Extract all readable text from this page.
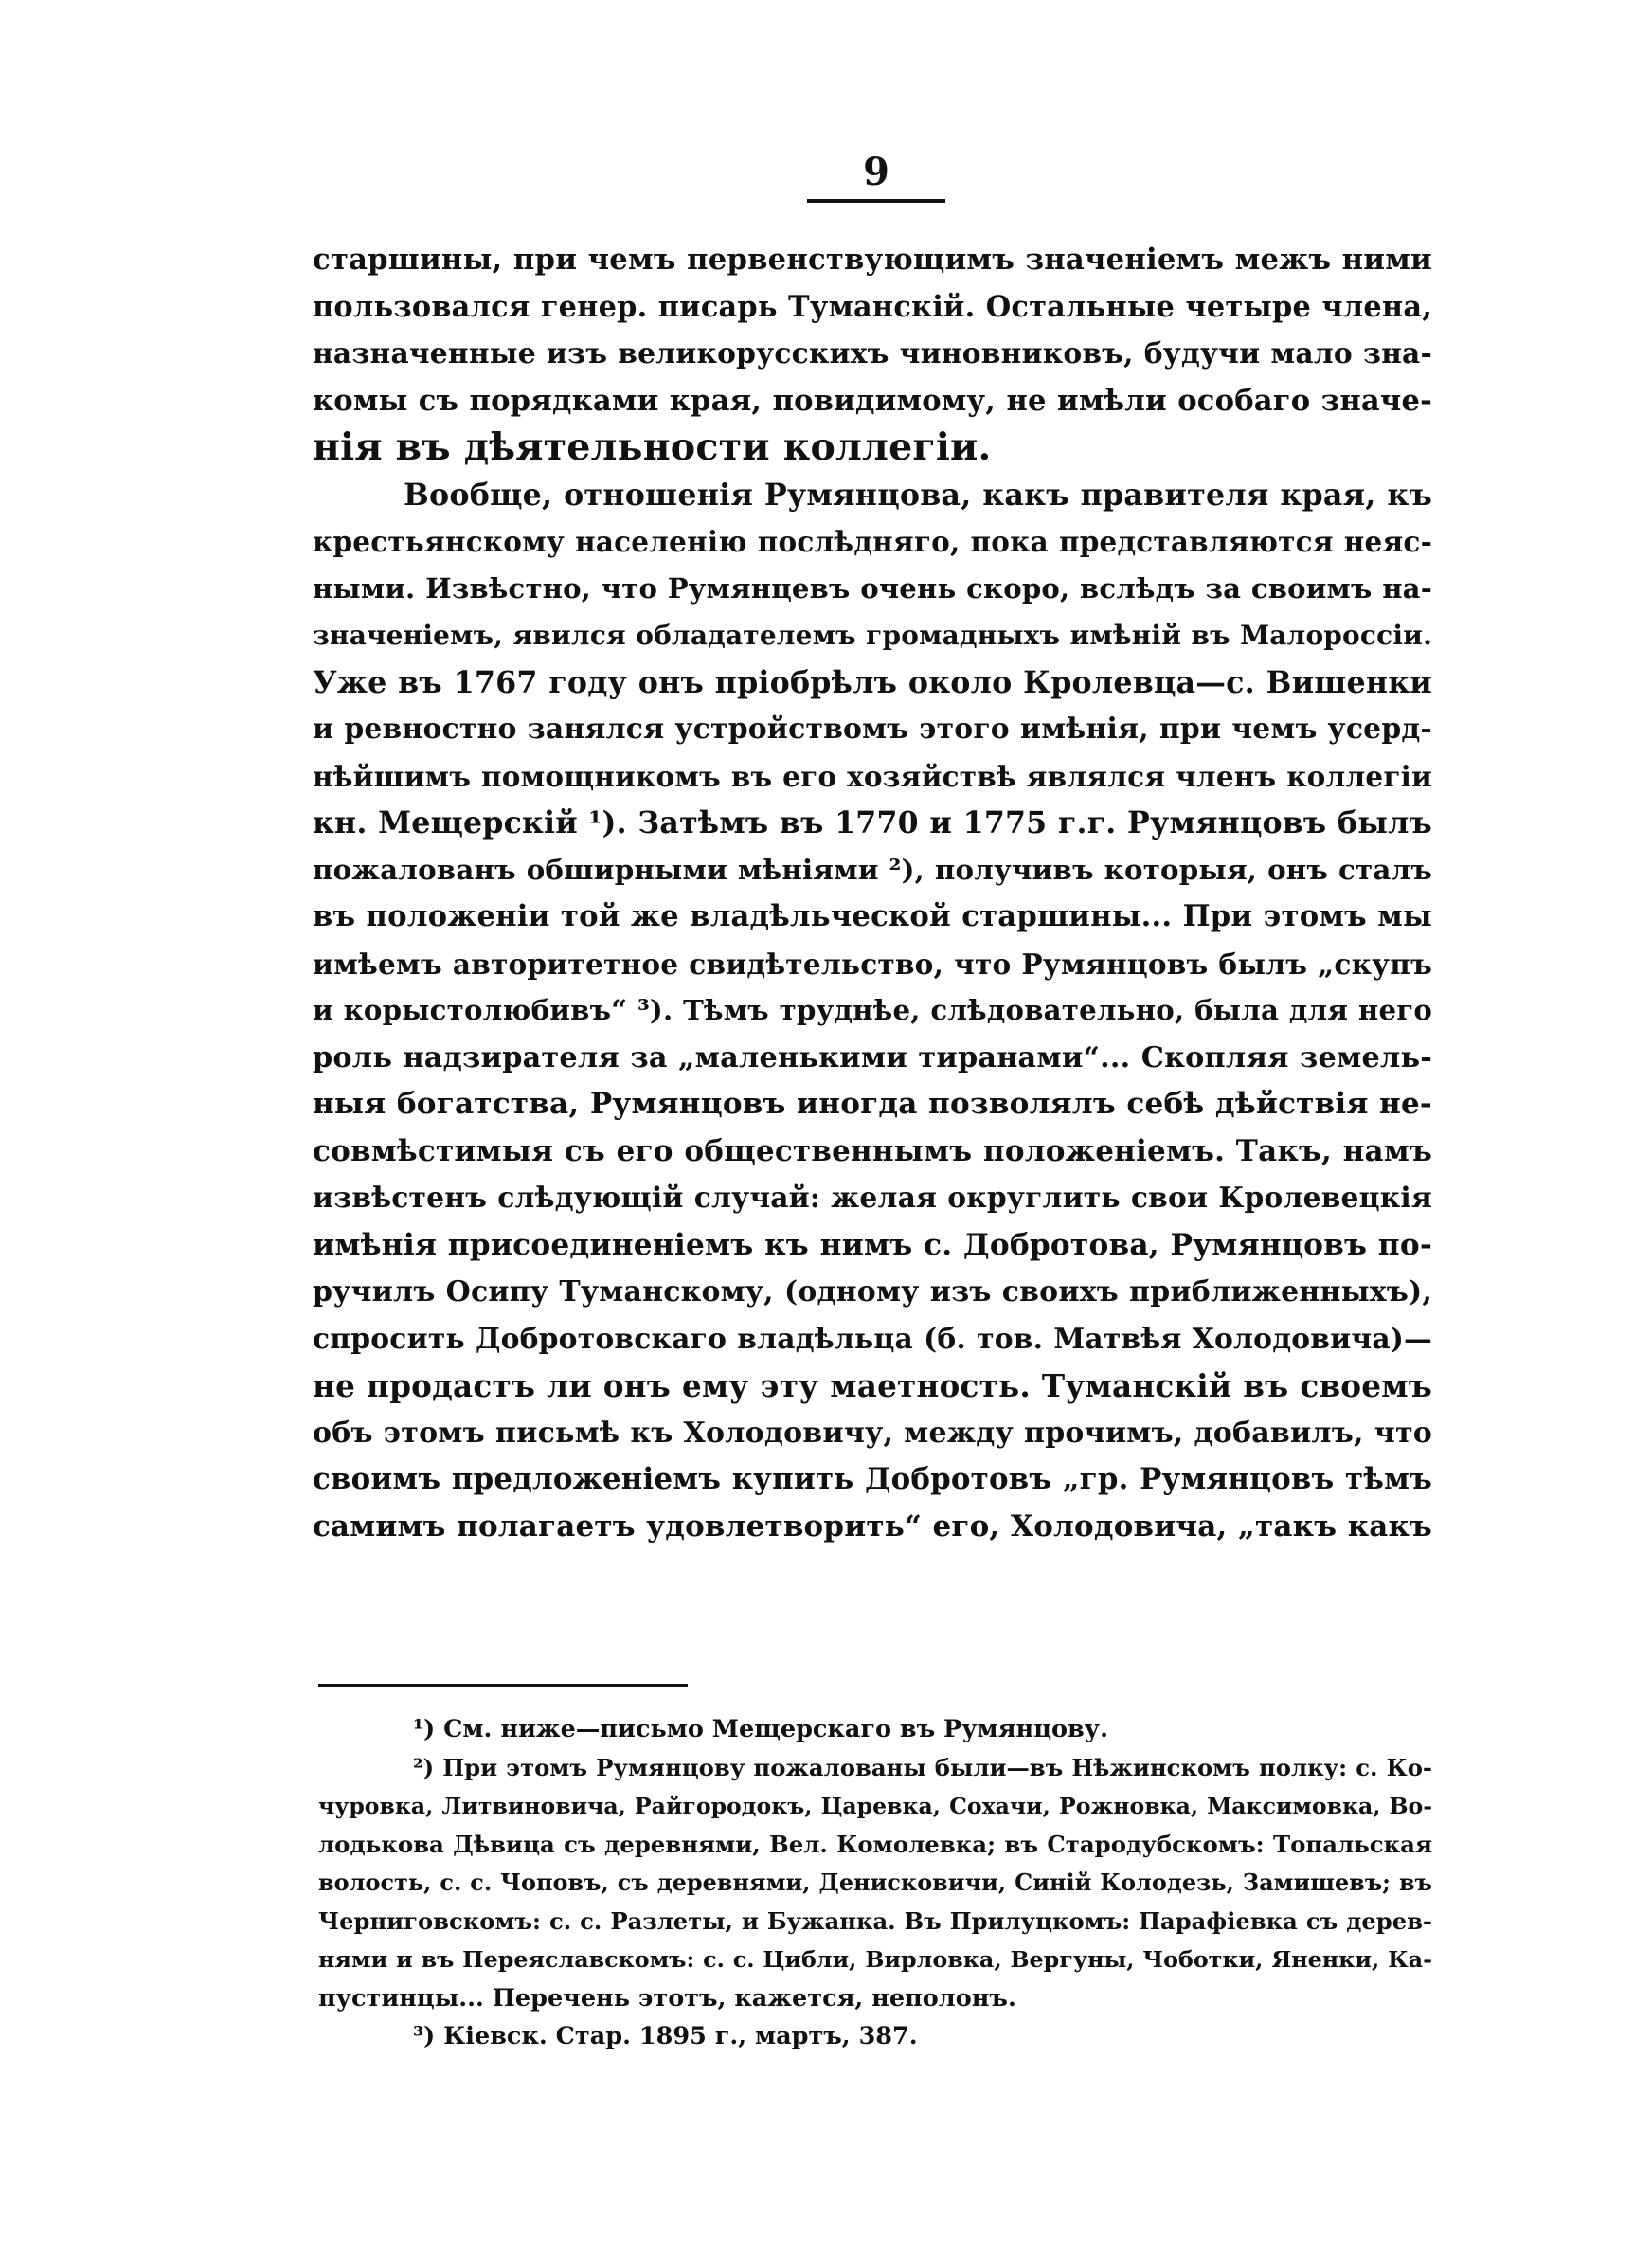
9
старшины, при чемъ первенствующимъ значеніемъ межъ ними
пользовался генер. писарь Туманскій. Остальные четыре члена,
назначенные изъ великорусскихъ чиновниковъ, будучи мало зна-
комы съ порядками края, повидимому, не имѣли особаго значе-
нія въ дѣятельности коллегіи.
Вообще, отношенія Румянцова, какъ правителя края, къ
крестьянскому населенію послѣдняго, пока представляются неяс-
ными. Извѣстно, что Румянцевъ очень скоро, вслѣдъ за своимъ на-
значеніемъ, явился обладателемъ громадныхъ имѣній въ Малороссіи.
Уже въ 1767 году онъ пріобрѣлъ около Кролевца—с. Вишенки
и ревностно занялся устройствомъ этого имѣнія, при чемъ усерд-
нѣйшимъ помощникомъ въ его хозяйствѣ являлся членъ коллегіи
кн. Мещерскій ¹). Затѣмъ въ 1770 и 1775 г.г. Румянцовъ былъ
пожалованъ обширными мѣніями ²), получивъ которыя, онъ сталъ
въ положеніи той же владѣльческой старшины... При этомъ мы
имѣемъ авторитетное свидѣтельство, что Румянцовъ былъ „скупъ
и корыстолюбивъ“ ³). Тѣмъ труднѣе, слѣдовательно, была для него
роль надзирателя за „маленькими тиранами“... Скопляя земель-
ныя богатства, Румянцовъ иногда позволялъ себѣ дѣйствія не-
совмѣстимыя съ его общественнымъ положеніемъ. Такъ, намъ
извѣстенъ слѣдующій случай: желая округлить свои Кролевецкія
имѣнія присоединеніемъ къ нимъ с. Добротова, Румянцовъ по-
ручилъ Осипу Туманскому, (одному изъ своихъ приближенныхъ),
спросить Добротовскаго владѣльца (б. тов. Матвѣя Холодовича)—
не продастъ ли онъ ему эту маетность. Туманскій въ своемъ
объ этомъ письмѣ къ Холодовичу, между прочимъ, добавилъ, что
своимъ предложеніемъ купить Добротовъ „гр. Румянцовъ тѣмъ
самимъ полагаетъ удовлетворить“ его, Холодовича, „такъ какъ
¹) См. ниже—письмо Мещерскаго въ Румянцову.
²) При этомъ Румянцову пожалованы были—въ Нѣжинскомъ полку: с. Ко-
чуровка, Литвиновича, Райгородокъ, Царевка, Сохачи, Рожновка, Максимовка, Во-
лодькова Дѣвица съ деревнями, Вел. Комолевка; въ Стародубскомъ: Топальская
волость, с. с. Чоповъ, съ деревнями, Денисковичи, Синій Колодезь, Замишевъ; въ
Черниговскомъ: с. с. Разлеты, и Бужанка. Въ Прилуцкомъ: Парафіевка съ дерев-
нями и въ Переяславскомъ: с. с. Цибли, Вирловка, Вергуны, Чоботки, Яненки, Ка-
пустинцы... Перечень этотъ, кажется, неполонъ.
³) Кіевск. Стар. 1895 г., мартъ, 387.
